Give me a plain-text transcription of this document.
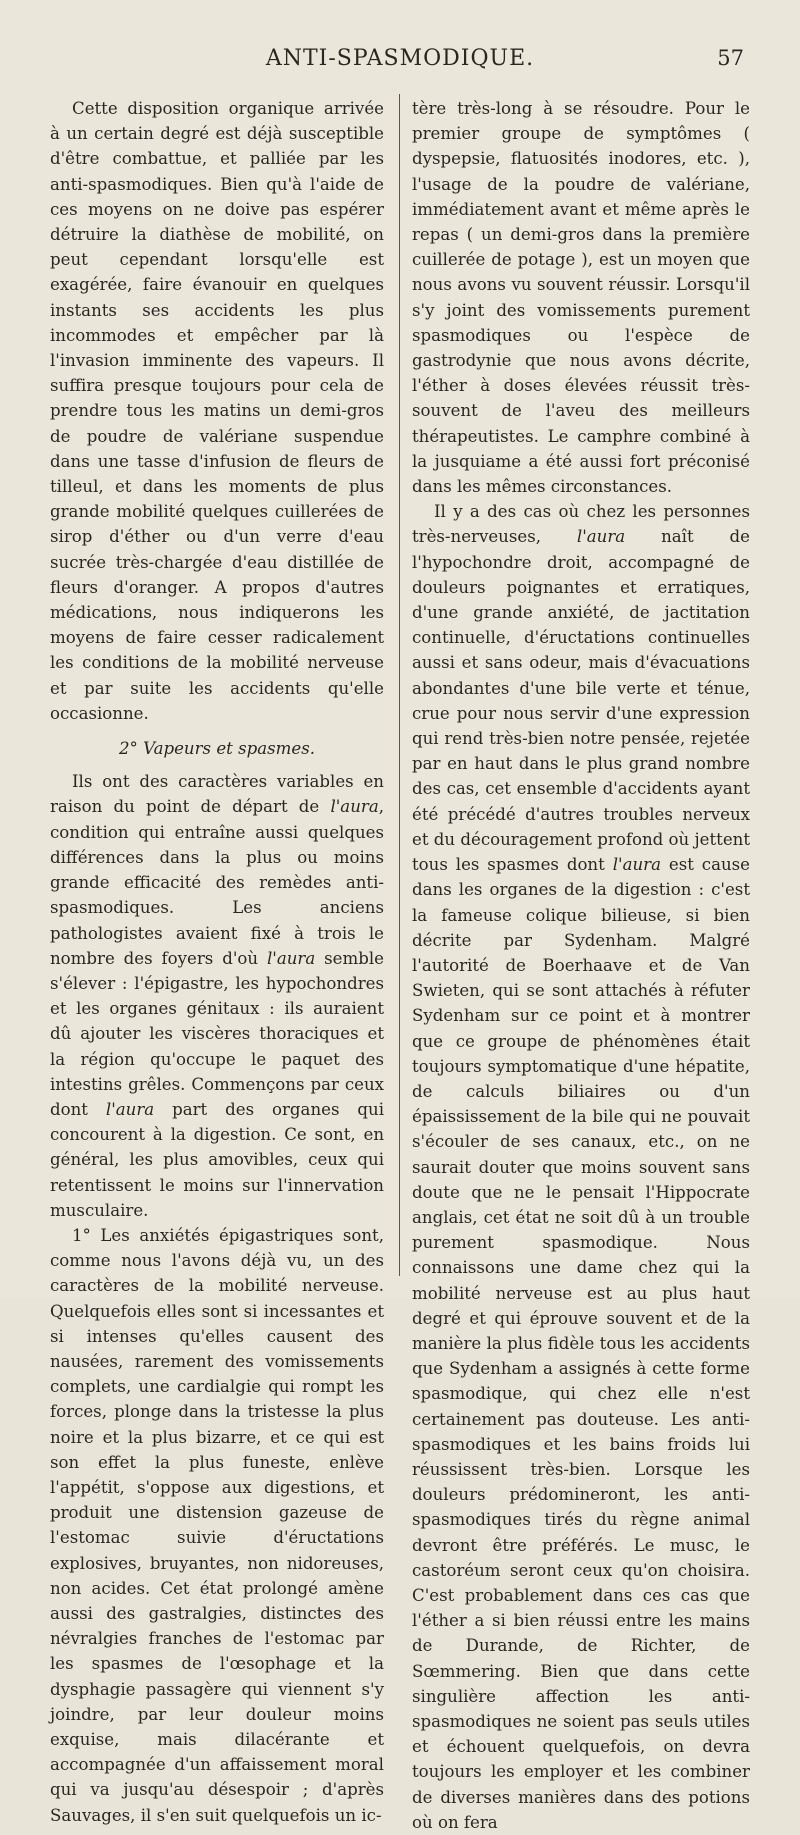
ANTI-SPASMODIQUE.	57

Cette disposition organique arrivée à un certain degré est déjà susceptible d'être combattue, et palliée par les anti-spasmodiques. Bien qu'à l'aide de ces moyens on ne doive pas espérer détruire la diathèse de mobilité, on peut cependant lorsqu'elle est exagérée, faire évanouir en quelques instants ses accidents les plus incommodes et empêcher par là l'invasion imminente des vapeurs. Il suffira presque toujours pour cela de prendre tous les matins un demi-gros de poudre de valériane suspendue dans une tasse d'infusion de fleurs de tilleul, et dans les moments de plus grande mobilité quelques cuillerées de sirop d'éther ou d'un verre d'eau sucrée très-chargée d'eau distillée de fleurs d'oranger. A propos d'autres médications, nous indiquerons les moyens de faire cesser radicalement les conditions de la mobilité nerveuse et par suite les accidents qu'elle occasionne.

2° Vapeurs et spasmes.

Ils ont des caractères variables en raison du point de départ de l'aura, condition qui entraîne aussi quelques différences dans la plus ou moins grande efficacité des remèdes anti-spasmodiques. Les anciens pathologistes avaient fixé à trois le nombre des foyers d'où l'aura semble s'élever : l'épigastre, les hypochondres et les organes génitaux : ils auraient dû ajouter les viscères thoraciques et la région qu'occupe le paquet des intestins grêles. Commençons par ceux dont l'aura part des organes qui concourent à la digestion. Ce sont, en général, les plus amovibles, ceux qui retentissent le moins sur l'innervation musculaire.

1° Les anxiétés épigastriques sont, comme nous l'avons déjà vu, un des caractères de la mobilité nerveuse. Quelquefois elles sont si incessantes et si intenses qu'elles causent des nausées, rarement des vomissements complets, une cardialgie qui rompt les forces, plonge dans la tristesse la plus noire et la plus bizarre, et ce qui est son effet la plus funeste, enlève l'appétit, s'oppose aux digestions, et produit une distension gazeuse de l'estomac suivie d'éructations explosives, bruyantes, non nidoreuses, non acides. Cet état prolongé amène aussi des gastralgies, distinctes des névralgies franches de l'estomac par les spasmes de l'œsophage et la dysphagie passagère qui viennent s'y joindre, par leur douleur moins exquise, mais dilacérante et accompagnée d'un affaissement moral qui va jusqu'au désespoir ; d'après Sauvages, il s'en suit quelquefois un ic-

tère très-long à se résoudre. Pour le premier groupe de symptômes ( dyspepsie, flatuosités inodores, etc. ), l'usage de la poudre de valériane, immédiatement avant et même après le repas ( un demi-gros dans la première cuillerée de potage ), est un moyen que nous avons vu souvent réussir. Lorsqu'il s'y joint des vomissements purement spasmodiques ou l'espèce de gastrodynie que nous avons décrite, l'éther à doses élevées réussit très-souvent de l'aveu des meilleurs thérapeutistes. Le camphre combiné à la jusquiame a été aussi fort préconisé dans les mêmes circonstances.

Il y a des cas où chez les personnes très-nerveuses, l'aura naît de l'hypochondre droit, accompagné de douleurs poignantes et erratiques, d'une grande anxiété, de jactitation continuelle, d'éructations continuelles aussi et sans odeur, mais d'évacuations abondantes d'une bile verte et ténue, crue pour nous servir d'une expression qui rend très-bien notre pensée, rejetée par en haut dans le plus grand nombre des cas, cet ensemble d'accidents ayant été précédé d'autres troubles nerveux et du découragement profond où jettent tous les spasmes dont l'aura est cause dans les organes de la digestion : c'est la fameuse colique bilieuse, si bien décrite par Sydenham. Malgré l'autorité de Boerhaave et de Van Swieten, qui se sont attachés à réfuter Sydenham sur ce point et à montrer que ce groupe de phénomènes était toujours symptomatique d'une hépatite, de calculs biliaires ou d'un épaississement de la bile qui ne pouvait s'écouler de ses canaux, etc., on ne saurait douter que moins souvent sans doute que ne le pensait l'Hippocrate anglais, cet état ne soit dû à un trouble purement spasmodique. Nous connaissons une dame chez qui la mobilité nerveuse est au plus haut degré et qui éprouve souvent et de la manière la plus fidèle tous les accidents que Sydenham a assignés à cette forme spasmodique, qui chez elle n'est certainement pas douteuse. Les anti-spasmodiques et les bains froids lui réussissent très-bien. Lorsque les douleurs prédomineront, les anti-spasmodiques tirés du règne animal devront être préférés. Le musc, le castoréum seront ceux qu'on choisira. C'est probablement dans ces cas que l'éther a si bien réussi entre les mains de Durande, de Richter, de Sœmmering. Bien que dans cette singulière affection les anti-spasmodiques ne soient pas seuls utiles et échouent quelquefois, on devra toujours les employer et les combiner de diverses manières dans des potions où on fera
